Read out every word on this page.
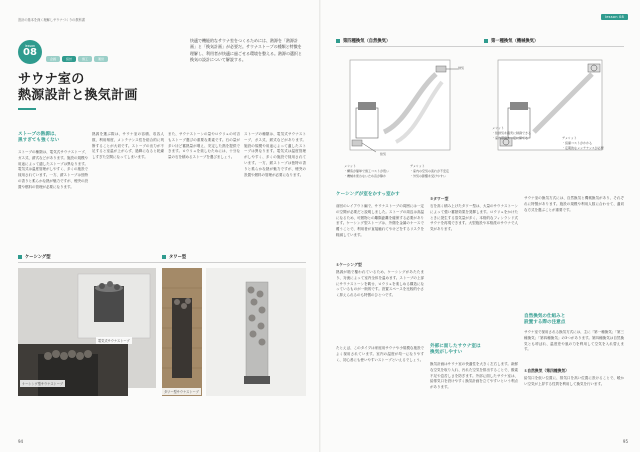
設計の基本を深く理解しサウナづくりの教科書
lesson
08
企画	設計	施工	運営
サウナ室の
熱源設計と換気計画
快適で機能的なサウナ室をつくるためには、熱源を「熱源計画」と「換気計画」が必要だ。サウナストーブの種類と特徴を理解し、利用者が快適に過ごせる環境を整える。熱源の選択と換気の設計について解説する。
ストーブの熱源は、
黒すぎても強くない
ストーブの種類は、電気式サウナストーブ、ガス式、薪式などがあります。施設の規模や用途によって適したストーブは異なります。電気式は温度管理がしやすく、多くの施設で採用されています。一方、薪ストーブは独特の香りと柔らかな熱が魅力ですが、煙突の設置や燃料の管理が必要になります。
熱源を選ぶ際は、サウナ室の容積、収容人数、利用頻度、メンテナンス性を総合的に判断することが大切です。ストーブの出力が不足すると室温が上がらず、過剰になると乾燥しすぎた空間になってしまいます。
また、サウナストーンの量やロウリュの可否もストーブ選びの重要な要素です。石の量が多いほど蓄熱量が増え、安定した熱を提供できます。ロウリュを楽しむためには、十分な量の石を積めるストーブを選びましょう。
ストーブの種類は、電気式サウナストーブ、ガス式、薪式などがあります。施設の規模や用途によって適したストーブは異なります。電気式は温度管理がしやすく、多くの施設で採用されています。一方、薪ストーブは独特の香りと柔らかな熱が魅力ですが、煙突の設置や燃料の管理が必要になります。
ケーシング型	タワー型
電気式サウナストーブ
ケーシング型サウナストーブ
タワー型サウナストーブ
94
lesson 08
第四種換気（自然換気）	第一種換気（機械換気）
排気
給気
メリット
・構造が簡単で施工コストが低い
・機械を使わないため音が静か
デメリット
・室内の空気の流れが不安定
・外気の影響を受けやすい
メリット
・給排気を確実に制御できる
・室内環境を一定に保てる	デメリット
・設備コストがかかる
・定期的なメンテナンスが必要
ケーシングが室をかすっ室かす
前回のレイアウト編で、サウナストーブの周囲には一定の空間が必要だと説明しました。ストーブの周辺は高温になるため、可燃物との離隔距離を確保する必要があります。ケーシング型ストーブは、外側を金属のケースで覆うことで、利用者が直接触れてやけどをするリスクを軽減しています。
①ケーシング型
熱源が箱で覆われているため、ケーシングがあたたまり、対流によって室内全体を温めます。ストーブの上部にサウナストーンを載せ、ロウリュを楽しめる構造になっているものが一般的です。設置スペースを比較的小さく抑えられるのも特徴のひとつです。
たとえば、このタイプは家庭用サウナや小規模な施設でよく採用されています。室内の温度が均一になりやすく、初心者にも使いやすいストーブといえるでしょう。
②タワー型
石を高く積み上げたタワー型は、大量のサウナストーンによって強い蓄熱効果を発揮します。ロウリュをかけたときに発生する蒸気量が多く、本格的なフィンランド式サウナを再現できます。大型施設や本格派のサウナで人気があります。
外部に面したサウナ室は
換気がしやすい
換気計画はサウナ室の快適性を大きく左右します。新鮮な空気を取り入れ、汚れた空気を排出することで、酸素不足や息苦しさを防ぎます。外部に面したサウナ室は、給排気口を設けやすく換気計画を立てやすいという利点があります。
サウナ室の換気方式には、自然換気と機械換気があり、それぞれに特徴があります。施設の規模や利用人数に合わせて、適切な方式を選ぶことが重要です。
自然換気の仕組みと
設置する際の注意点
サウナ室で採用される換気方式には、主に「第一種換気」「第三種換気」「第四種換気」の3つがあります。第四種換気は自然換気とも呼ばれ、温度差や風の力を利用して空気を入れ替えます。
①自然換気（第四種換気）
給気口を低い位置に、排気口を高い位置に設けることで、暖かい空気が上昇する性質を利用して換気を行います。
95
